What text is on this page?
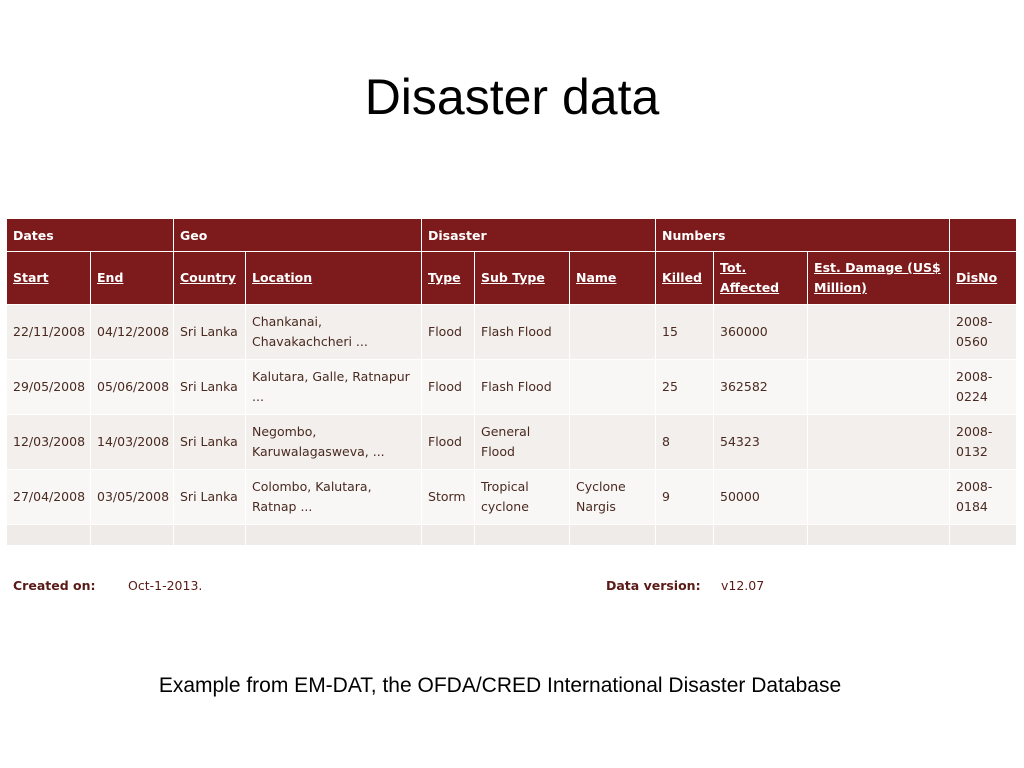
Disaster data
Dates		Geo		Disaster			Numbers			
Start	End	Country	Location	Type	Sub Type	Name	Killed	Tot. Affected	Est. Damage (US$ Million)	DisNo
22/11/2008	04/12/2008	Sri Lanka	Chankanai, Chavakachcheri ...	Flood	Flash Flood		15	360000		2008-0560
29/05/2008	05/06/2008	Sri Lanka	Kalutara, Galle, Ratnapur ...	Flood	Flash Flood		25	362582		2008-0224
12/03/2008	14/03/2008	Sri Lanka	Negombo, Karuwalagasweva, ...	Flood	General Flood		8	54323		2008-0132
27/04/2008	03/05/2008	Sri Lanka	Colombo, Kalutara, Ratnap ...	Storm	Tropical cyclone	Cyclone Nargis	9	50000		2008-0184

Created on:	Oct-1-2013.	Data version: v12.07
Example from EM-DAT, the OFDA/CRED International Disaster Database
